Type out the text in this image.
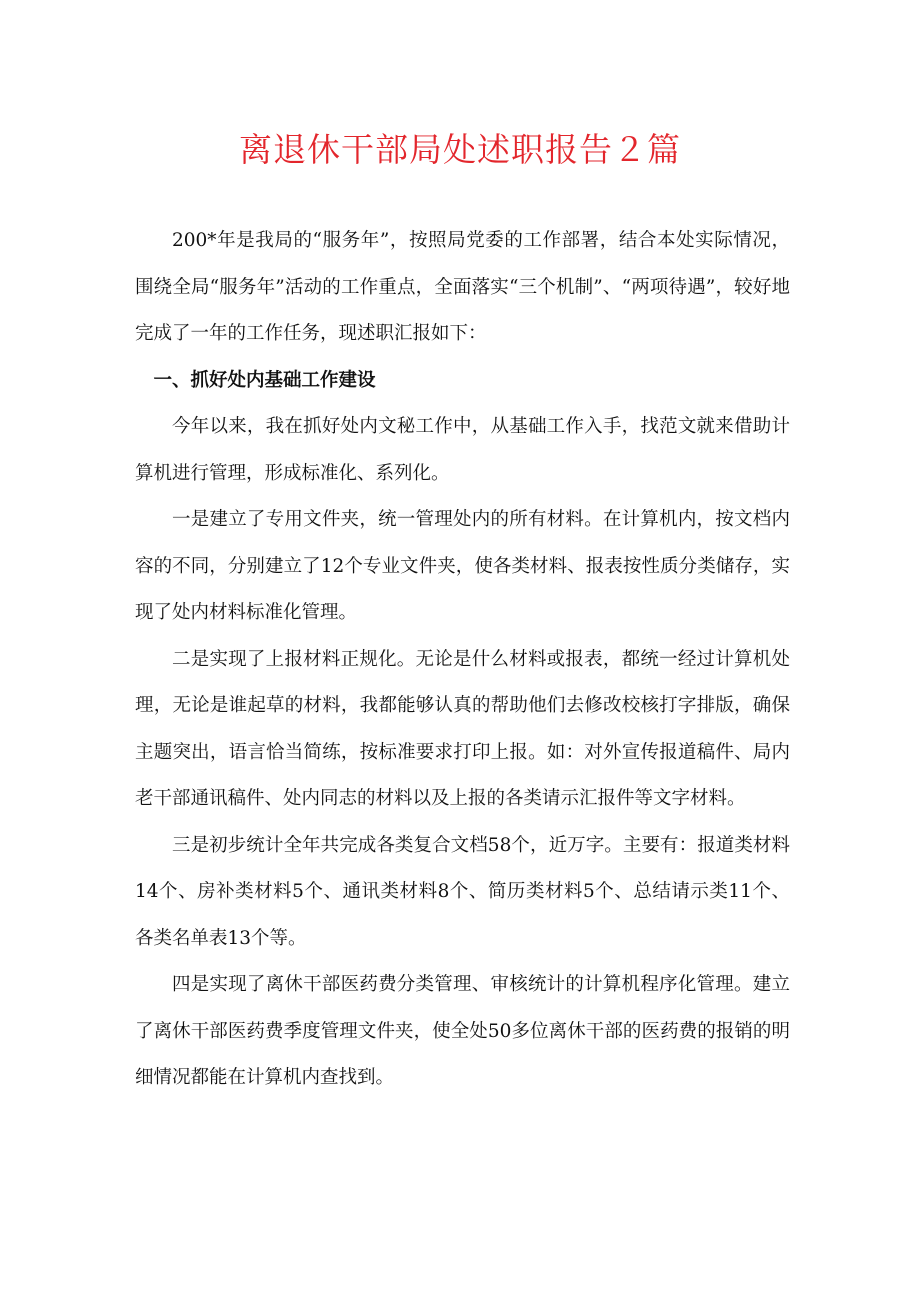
离退休干部局处述职报告２篇

200*年是我局的“服务年”，按照局党委的工作部署，结合本处实际情况，围绕全局“服务年”活动的工作重点，全面落实“三个机制”、“两项待遇”，较好地完成了一年的工作任务，现述职汇报如下：

一、抓好处内基础工作建设

今年以来，我在抓好处内文秘工作中，从基础工作入手，找范文就来借助计算机进行管理，形成标准化、系列化。

一是建立了专用文件夹，统一管理处内的所有材料。在计算机内，按文档内容的不同，分别建立了12个专业文件夹，使各类材料、报表按性质分类储存，实现了处内材料标准化管理。

二是实现了上报材料正规化。无论是什么材料或报表，都统一经过计算机处理，无论是谁起草的材料，我都能够认真的帮助他们去修改校核打字排版，确保主题突出，语言恰当简练，按标准要求打印上报。如：对外宣传报道稿件、局内老干部通讯稿件、处内同志的材料以及上报的各类请示汇报件等文字材料。

三是初步统计全年共完成各类复合文档58个，近万字。主要有：报道类材料14个、房补类材料5个、通讯类材料8个、简历类材料5个、总结请示类11个、各类名单表13个等。

四是实现了离休干部医药费分类管理、审核统计的计算机程序化管理。建立了离休干部医药费季度管理文件夹，使全处50多位离休干部的医药费的报销的明细情况都能在计算机内查找到。
